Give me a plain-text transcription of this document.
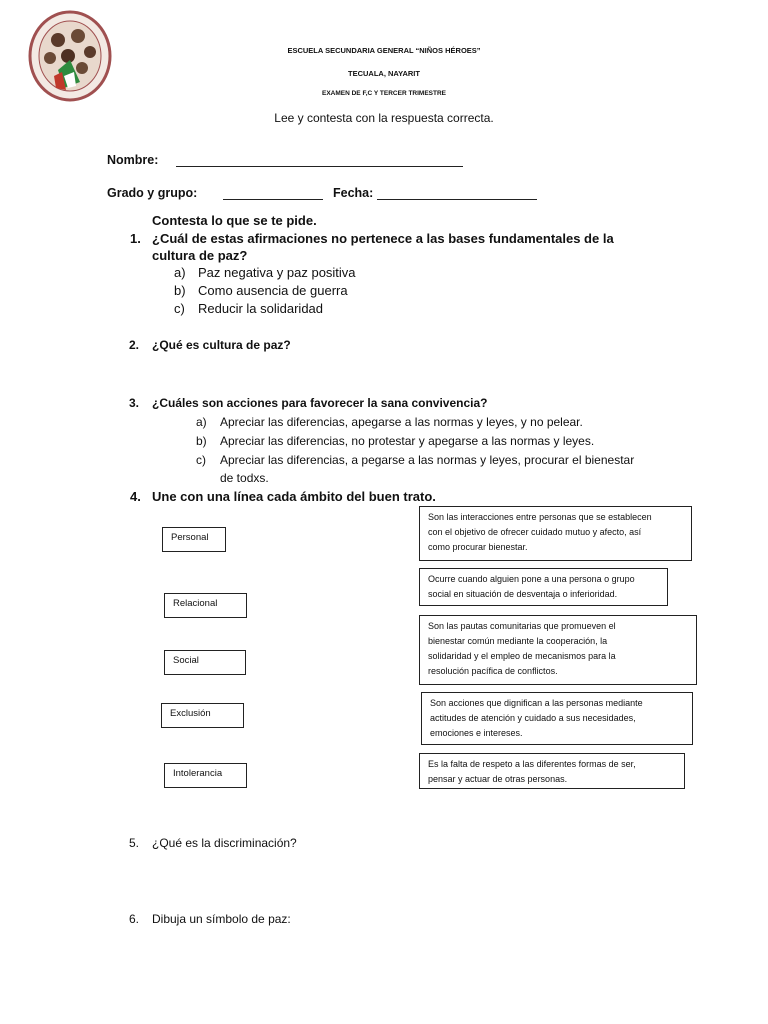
ESCUELA SECUNDARIA GENERAL “NIÑOS HÉROES”
TECUALA, NAYARIT
EXAMEN DE F,C Y TERCER TRIMESTRE
Lee y contesta con la respuesta correcta.
Nombre:
Grado y grupo:	Fecha:
Contesta lo que se te pide.
1. ¿Cuál de estas afirmaciones no pertenece a las bases fundamentales de la
cultura de paz?
a) Paz negativa y paz positiva
b) Como ausencia de guerra
c) Reducir la solidaridad
2. ¿Qué es cultura de paz?
3. ¿Cuáles son acciones para favorecer la sana convivencia?
a) Apreciar las diferencias, apegarse a las normas y leyes, y no pelear.
b) Apreciar las diferencias, no protestar y apegarse a las normas y leyes.
c) Apreciar las diferencias, a pegarse a las normas y leyes, procurar el bienestar
de todxs.
4. Une con una línea cada ámbito del buen trato.
Personal
Relacional
Social
Exclusión
Intolerancia
Son las interacciones entre personas que se establecen
con el objetivo de ofrecer cuidado mutuo y afecto, así
como procurar bienestar.
Ocurre cuando alguien pone a una persona o grupo
social en situación de desventaja o inferioridad.
Son las pautas comunitarias que promueven el
bienestar común mediante la cooperación, la
solidaridad y el empleo de mecanismos para la
resolución pacífica de conflictos.
Son acciones que dignifican a las personas mediante
actitudes de atención y cuidado a sus necesidades,
emociones e intereses.
Es la falta de respeto a las diferentes formas de ser,
pensar y actuar de otras personas.
5. ¿Qué es la discriminación?
6. Dibuja un símbolo de paz:
